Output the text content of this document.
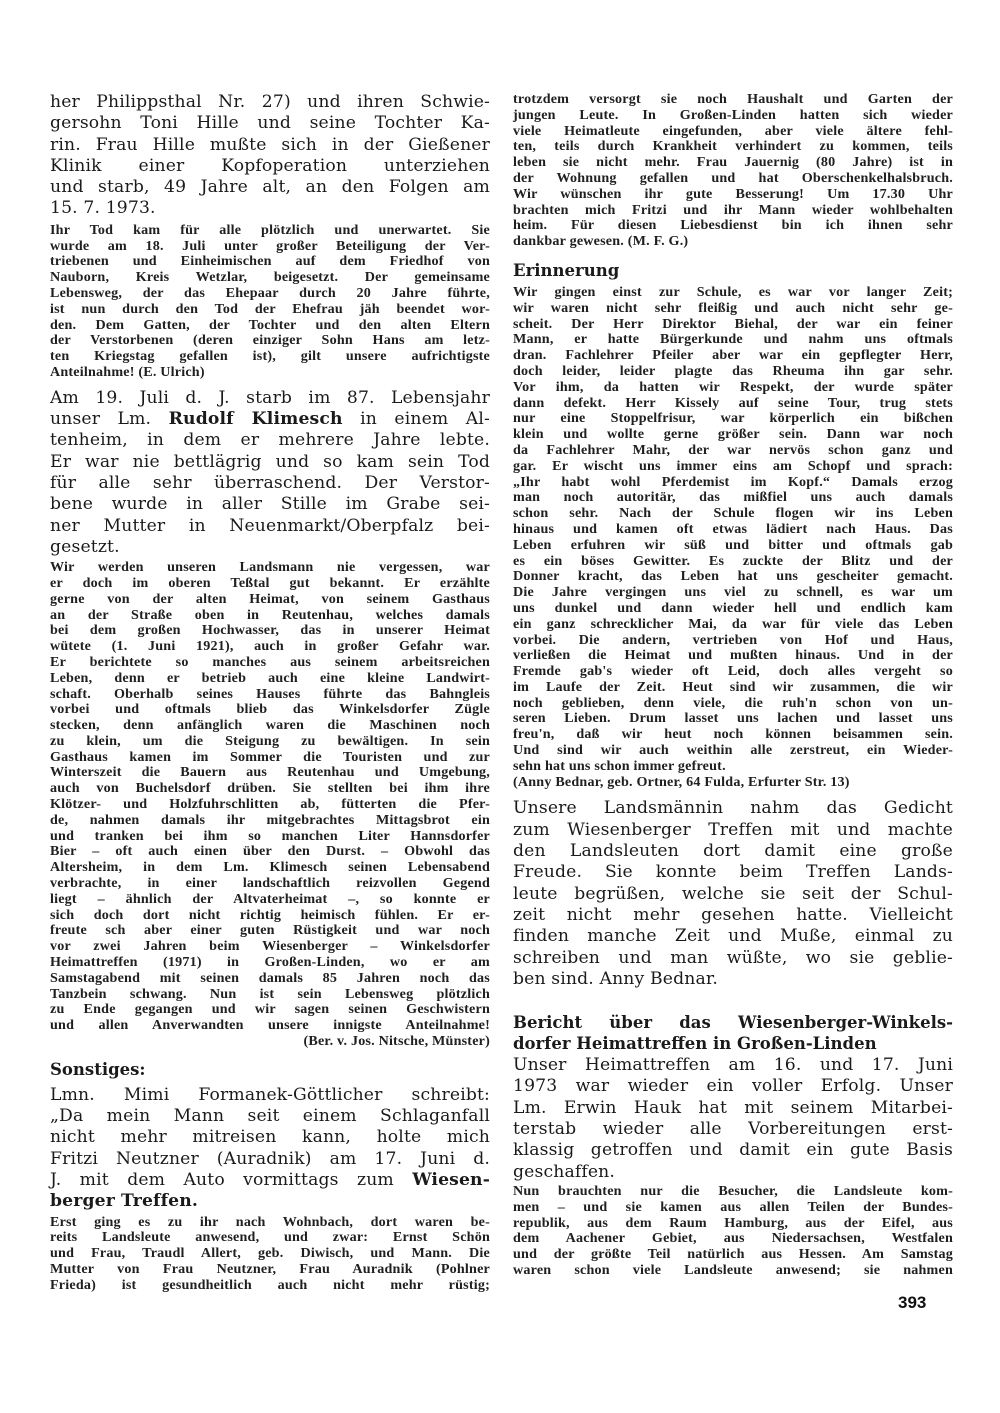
her Philippsthal Nr. 27) und ihren Schwie-
gersohn Toni Hille und seine Tochter Ka-
rin. Frau Hille mußte sich in der Gießener
Klinik einer Kopfoperation unterziehen
und starb, 49 Jahre alt, an den Folgen am
15. 7. 1973.
Ihr Tod kam für alle plötzlich und unerwartet. Sie
wurde am 18. Juli unter großer Beteiligung der Ver-
triebenen und Einheimischen auf dem Friedhof von
Nauborn, Kreis Wetzlar, beigesetzt. Der gemeinsame
Lebensweg, der das Ehepaar durch 20 Jahre führte,
ist nun durch den Tod der Ehefrau jäh beendet wor-
den. Dem Gatten, der Tochter und den alten Eltern
der Verstorbenen (deren einziger Sohn Hans am letz-
ten Kriegstag gefallen ist), gilt unsere aufrichtigste
Anteilnahme! (E. Ulrich)
Am 19. Juli d. J. starb im 87. Lebensjahr
unser Lm. Rudolf Klimesch in einem Al-
tenheim, in dem er mehrere Jahre lebte.
Er war nie bettlägrig und so kam sein Tod
für alle sehr überraschend. Der Verstor-
bene wurde in aller Stille im Grabe sei-
ner Mutter in Neuenmarkt/Oberpfalz bei-
gesetzt.
Wir werden unseren Landsmann nie vergessen, war
er doch im oberen Teßtal gut bekannt. Er erzählte
gerne von der alten Heimat, von seinem Gasthaus
an der Straße oben in Reutenhau, welches damals
bei dem großen Hochwasser, das in unserer Heimat
wütete (1. Juni 1921), auch in großer Gefahr war.
Er berichtete so manches aus seinem arbeitsreichen
Leben, denn er betrieb auch eine kleine Landwirt-
schaft. Oberhalb seines Hauses führte das Bahngleis
vorbei und oftmals blieb das Winkelsdorfer Zügle
stecken, denn anfänglich waren die Maschinen noch
zu klein, um die Steigung zu bewältigen. In sein
Gasthaus kamen im Sommer die Touristen und zur
Winterszeit die Bauern aus Reutenhau und Umgebung,
auch von Buchelsdorf drüben. Sie stellten bei ihm ihre
Klötzer- und Holzfuhrschlitten ab, fütterten die Pfer-
de, nahmen damals ihr mitgebrachtes Mittagsbrot ein
und tranken bei ihm so manchen Liter Hannsdorfer
Bier – oft auch einen über den Durst. – Obwohl das
Altersheim, in dem Lm. Klimesch seinen Lebensabend
verbrachte, in einer landschaftlich reizvollen Gegend
liegt – ähnlich der Altvaterheimat –, so konnte er
sich doch dort nicht richtig heimisch fühlen. Er er-
freute sch aber einer guten Rüstigkeit und war noch
vor zwei Jahren beim Wiesenberger – Winkelsdorfer
Heimattreffen (1971) in Großen-Linden, wo er am
Samstagabend mit seinen damals 85 Jahren noch das
Tanzbein schwang. Nun ist sein Lebensweg plötzlich
zu Ende gegangen und wir sagen seinen Geschwistern
und allen Anverwandten unsere innigste Anteilnahme!
(Ber. v. Jos. Nitsche, Münster)
Sonstiges:
Lmn. Mimi Formanek-Göttlicher schreibt:
„Da mein Mann seit einem Schlaganfall
nicht mehr mitreisen kann, holte mich
Fritzi Neutzner (Auradnik) am 17. Juni d.
J. mit dem Auto vormittags zum Wiesen-
berger Treffen.
Erst ging es zu ihr nach Wohnbach, dort waren be-
reits Landsleute anwesend, und zwar: Ernst Schön
und Frau, Traudl Allert, geb. Diwisch, und Mann. Die
Mutter von Frau Neutzner, Frau Auradnik (Pohlner
Frieda) ist gesundheitlich auch nicht mehr rüstig;
trotzdem versorgt sie noch Haushalt und Garten der
jungen Leute. In Großen-Linden hatten sich wieder
viele Heimatleute eingefunden, aber viele ältere fehl-
ten, teils durch Krankheit verhindert zu kommen, teils
leben sie nicht mehr. Frau Jauernig (80 Jahre) ist in
der Wohnung gefallen und hat Oberschenkelhalsbruch.
Wir wünschen ihr gute Besserung! Um 17.30 Uhr
brachten mich Fritzi und ihr Mann wieder wohlbehalten
heim. Für diesen Liebesdienst bin ich ihnen sehr
dankbar gewesen. (M. F. G.)
Erinnerung
Wir gingen einst zur Schule, es war vor langer Zeit;
wir waren nicht sehr fleißig und auch nicht sehr ge-
scheit. Der Herr Direktor Biehal, der war ein feiner
Mann, er hatte Bürgerkunde und nahm uns oftmals
dran. Fachlehrer Pfeiler aber war ein gepflegter Herr,
doch leider, leider plagte das Rheuma ihn gar sehr.
Vor ihm, da hatten wir Respekt, der wurde später
dann defekt. Herr Kissely auf seine Tour, trug stets
nur eine Stoppelfrisur, war körperlich ein bißchen
klein und wollte gerne größer sein. Dann war noch
da Fachlehrer Mahr, der war nervös schon ganz und
gar. Er wischt uns immer eins am Schopf und sprach:
„Ihr habt wohl Pferdemist im Kopf.“ Damals erzog
man noch autoritär, das mißfiel uns auch damals
schon sehr. Nach der Schule flogen wir ins Leben
hinaus und kamen oft etwas lädiert nach Haus. Das
Leben erfuhren wir süß und bitter und oftmals gab
es ein böses Gewitter. Es zuckte der Blitz und der
Donner kracht, das Leben hat uns gescheiter gemacht.
Die Jahre vergingen uns viel zu schnell, es war um
uns dunkel und dann wieder hell und endlich kam
ein ganz schrecklicher Mai, da war für viele das Leben
vorbei. Die andern, vertrieben von Hof und Haus,
verließen die Heimat und mußten hinaus. Und in der
Fremde gab's wieder oft Leid, doch alles vergeht so
im Laufe der Zeit. Heut sind wir zusammen, die wir
noch geblieben, denn viele, die ruh'n schon von un-
seren Lieben. Drum lasset uns lachen und lasset uns
freu'n, daß wir heut noch können beisammen sein.
Und sind wir auch weithin alle zerstreut, ein Wieder-
sehn hat uns schon immer gefreut.
(Anny Bednar, geb. Ortner, 64 Fulda, Erfurter Str. 13)
Unsere Landsmännin nahm das Gedicht
zum Wiesenberger Treffen mit und machte
den Landsleuten dort damit eine große
Freude. Sie konnte beim Treffen Lands-
leute begrüßen, welche sie seit der Schul-
zeit nicht mehr gesehen hatte. Vielleicht
finden manche Zeit und Muße, einmal zu
schreiben und man wüßte, wo sie geblie-
ben sind. Anny Bednar.
Bericht über das Wiesenberger-Winkels-
dorfer Heimattreffen in Großen-Linden
Unser Heimattreffen am 16. und 17. Juni
1973 war wieder ein voller Erfolg. Unser
Lm. Erwin Hauk hat mit seinem Mitarbei-
terstab wieder alle Vorbereitungen erst-
klassig getroffen und damit ein gute Basis
geschaffen.
Nun brauchten nur die Besucher, die Landsleute kom-
men – und sie kamen aus allen Teilen der Bundes-
republik, aus dem Raum Hamburg, aus der Eifel, aus
dem Aachener Gebiet, aus Niedersachsen, Westfalen
und der größte Teil natürlich aus Hessen. Am Samstag
waren schon viele Landsleute anwesend; sie nahmen
393
